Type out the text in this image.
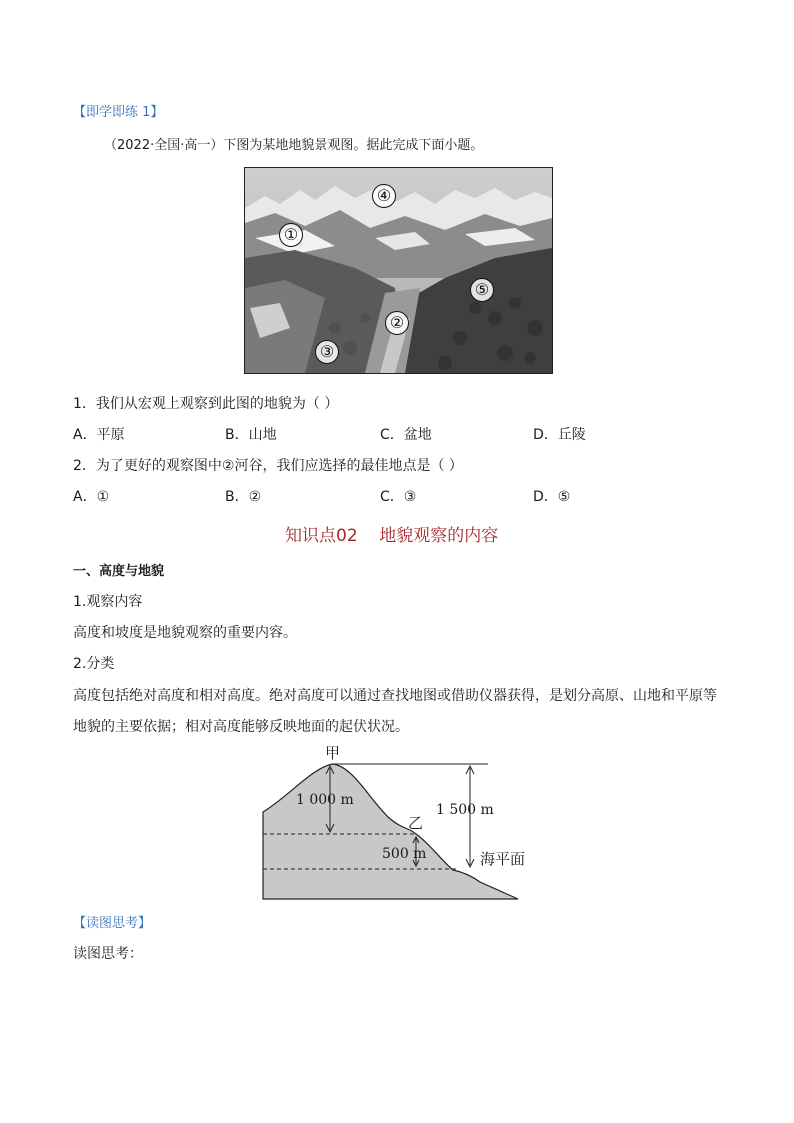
【即学即练 1】
（2022·全国·高一）下图为某地地貌景观图。据此完成下面小题。
④
①
⑤
②
③
1．我们从宏观上观察到此图的地貌为（ ）
A．平原	B．山地	C．盆地	D．丘陵
2．为了更好的观察图中②河谷，我们应选择的最佳地点是（ ）
A．①	B．②	C．③	D．⑤
知识点02    地貌观察的内容
一、高度与地貌
1.观察内容
高度和坡度是地貌观察的重要内容。
2.分类
高度包括绝对高度和相对高度。绝对高度可以通过查找地图或借助仪器获得，是划分高原、山地和平原等
地貌的主要依据；相对高度能够反映地面的起伏状况。
甲
1 000 m
乙
1 500 m
500 m	海平面
【读图思考】
读图思考：
